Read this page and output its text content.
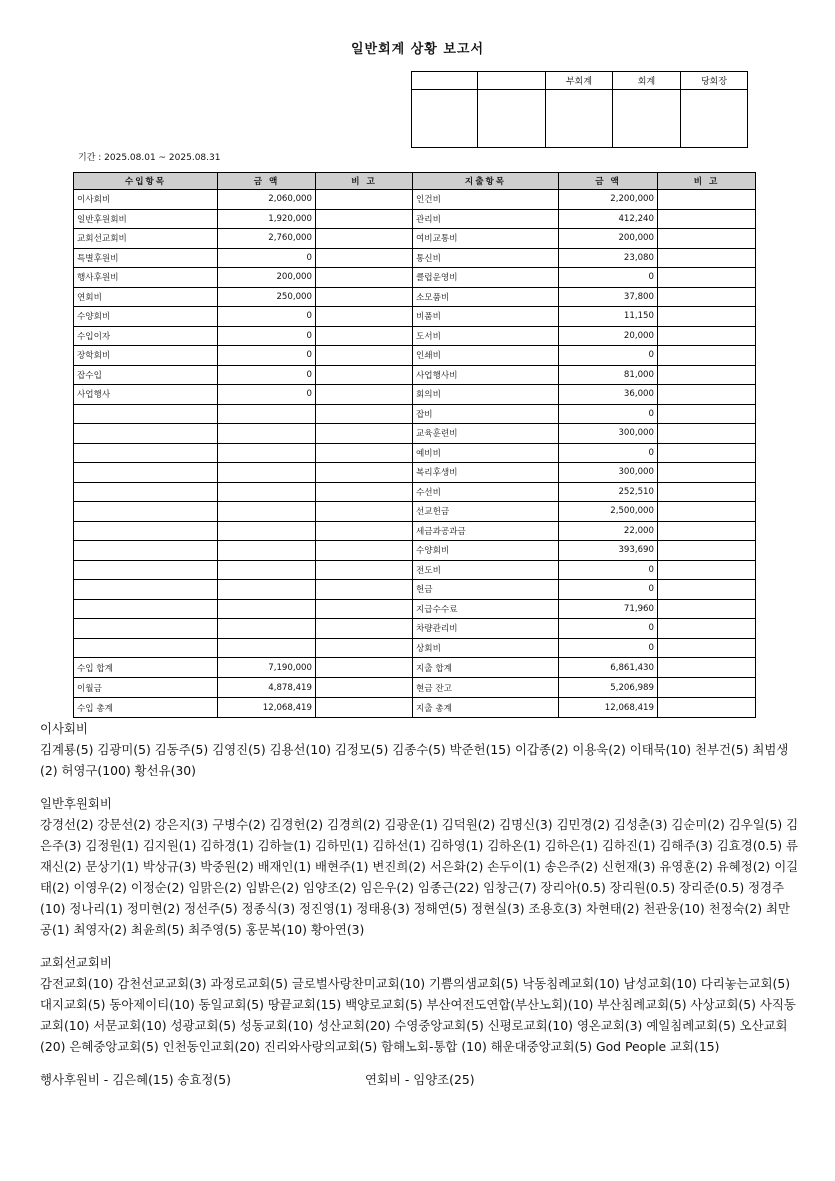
일반회계 상황 보고서
		부회계	회계	당회장

기간 : 2025.08.01 ~ 2025.08.31
수입항목	금 액	비 고	지출항목	금 액	비 고
이사회비	2,060,000		인건비	2,200,000	
일반후원회비	1,920,000		관리비	412,240	
교회선교회비	2,760,000		여비교통비	200,000	
특별후원비	0		통신비	23,080	
행사후원비	200,000		클럽운영비	0	
연회비	250,000		소모품비	37,800	
수양회비	0		비품비	11,150	
수입이자	0		도서비	20,000	
장학회비	0		인쇄비	0	
잡수입	0		사업행사비	81,000	
사업행사	0		회의비	36,000	
			잡비	0	
			교육훈련비	300,000	
			예비비	0	
			복리후생비	300,000	
			수선비	252,510	
			선교헌금	2,500,000	
			세금과공과금	22,000	
			수양회비	393,690	
			전도비	0	
			헌금	0	
			지급수수료	71,960	
			차량관리비	0	
			상회비	0	
수입 합계	7,190,000		지출 합계	6,861,430	
이월금	4,878,419		현금 잔고	5,206,989	
수입 총계	12,068,419		지출 총계	12,068,419	

이사회비

김계룡(5) 김광미(5) 김동주(5) 김영진(5) 김용선(10) 김정모(5) 김종수(5) 박준헌(15) 이갑종(2) 이용욱(2) 이태묵(10) 천부건(5) 최범생(2) 허영구(100) 황선유(30)

일반후원회비

강경선(2) 강문선(2) 강은지(3) 구병수(2) 김경헌(2) 김경희(2) 김광운(1) 김덕원(2) 김명신(3) 김민경(2) 김성춘(3) 김순미(2) 김우일(5) 김은주(3) 김정원(1) 김지원(1) 김하경(1) 김하늘(1) 김하민(1) 김하선(1) 김하영(1) 김하온(1) 김하은(1) 김하진(1) 김해주(3) 김효경(0.5) 류재신(2) 문상기(1) 박상규(3) 박중원(2) 배재인(1) 배현주(1) 변진희(2) 서은화(2) 손두이(1) 송은주(2) 신헌재(3) 유영훈(2) 유혜정(2) 이길태(2) 이영우(2) 이정순(2) 임맑은(2) 임밝은(2) 임양조(2) 임은우(2) 임종근(22) 임창근(7) 장리아(0.5) 장리원(0.5) 장리준(0.5) 정경주(10) 정나리(1) 정미현(2) 정선주(5) 정종식(3) 정진영(1) 정태용(3) 정해연(5) 정현실(3) 조용호(3) 차현태(2) 천관웅(10) 천정숙(2) 최만공(1) 최영자(2) 최윤희(5) 최주영(5) 홍문복(10) 황아연(3)

교회선교회비

감전교회(10) 감천선교교회(3) 과정로교회(5) 글로벌사랑찬미교회(10) 기쁨의샘교회(5) 낙동침례교회(10) 남성교회(10) 다리놓는교회(5) 대지교회(5) 동아제이티(10) 동일교회(5) 땅끝교회(15) 백양로교회(5) 부산여전도연합(부산노회)(10) 부산침례교회(5) 사상교회(5) 사직동교회(10) 서문교회(10) 성광교회(5) 성동교회(10) 성산교회(20) 수영중앙교회(5) 신평로교회(10) 영온교회(3) 예일침례교회(5) 오산교회(20) 은혜중앙교회(5) 인천동인교회(20) 진리와사랑의교회(5) 함해노회-통합 (10) 해운대중앙교회(5) God People 교회(15)

행사후원비 - 김은혜(15) 송효정(5)	연회비 - 임양조(25)
